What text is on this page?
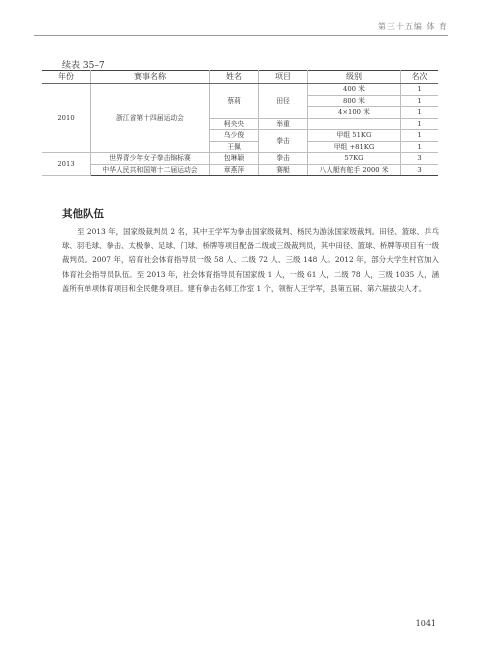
第三十五编 体 育
续表 35–7
年份	赛事名称	姓名	项目	级别	名次
2010	浙江省第十四届运动会	蔡莉	田径	400 米	1
				800 米	1
				4×100 米	1
		柯央央	举重		1
		乌少俊	拳击	甲组 51KG	1
		王佩		甲组 +81KG	1
2013	世界青少年女子拳击锦标赛	包琳颖	拳击	57KG	3
	中华人民共和国第十二届运动会	章燕萍	赛艇	八人艇有舵手 2000 米	3
其他队伍
至 2013 年，国家级裁判员 2 名，其中王学军为拳击国家级裁判、杨民为游泳国家级裁判。田径、篮球、乒乓球、羽毛球、拳击、太极拳、足球、门球、桥牌等项目配备二级或三级裁判员，其中田径、篮球、桥牌等项目有一级裁判员。2007 年，培育社会体育指导员一级 58 人、二级 72 人、三级 148 人。2012 年，部分大学生村官加入体育社会指导员队伍。至 2013 年，社会体育指导员有国家级 1 人，一级 61 人，二级 78 人，三级 1035 人，涵盖所有单项体育项目和全民健身项目。建有拳击名师工作室 1 个，领衔人王学军，县第五届、第六届拔尖人才。
1041
